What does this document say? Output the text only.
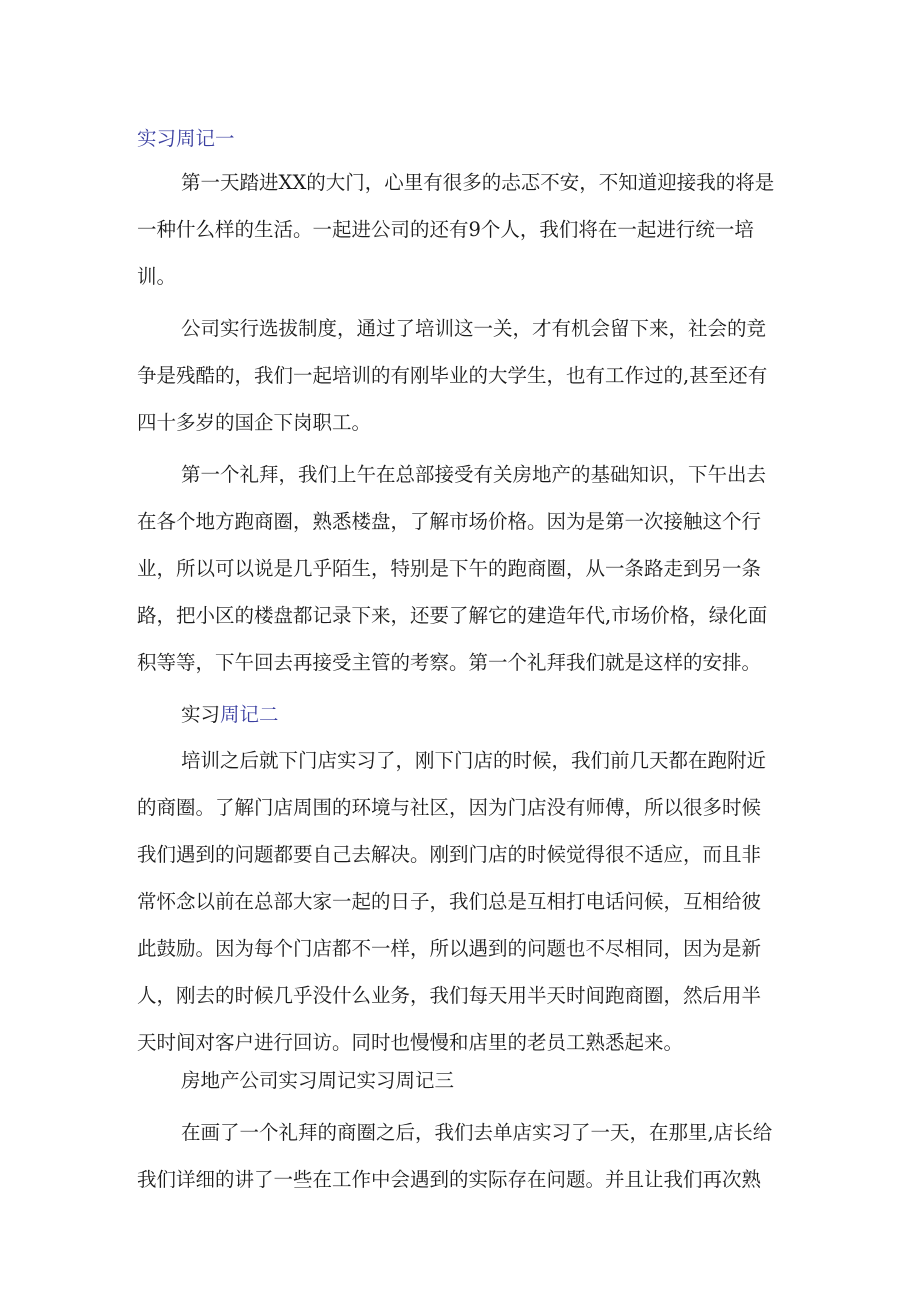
实习周记一
第一天踏进XX的大门，心里有很多的忐忑不安，不知道迎接我的将是
一种什么样的生活。一起进公司的还有9个人，我们将在一起进行统一培
训。
公司实行选拔制度，通过了培训这一关，才有机会留下来，社会的竞
争是残酷的，我们一起培训的有刚毕业的大学生，也有工作过的,甚至还有
四十多岁的国企下岗职工。
第一个礼拜，我们上午在总部接受有关房地产的基础知识，下午出去
在各个地方跑商圈，熟悉楼盘，了解市场价格。因为是第一次接触这个行
业，所以可以说是几乎陌生，特别是下午的跑商圈，从一条路走到另一条
路，把小区的楼盘都记录下来，还要了解它的建造年代,市场价格，绿化面
积等等，下午回去再接受主管的考察。第一个礼拜我们就是这样的安排。
实习周记二
培训之后就下门店实习了，刚下门店的时候，我们前几天都在跑附近
的商圈。了解门店周围的环境与社区，因为门店没有师傅，所以很多时候
我们遇到的问题都要自己去解决。刚到门店的时候觉得很不适应，而且非
常怀念以前在总部大家一起的日子，我们总是互相打电话问候，互相给彼
此鼓励。因为每个门店都不一样，所以遇到的问题也不尽相同，因为是新
人，刚去的时候几乎没什么业务，我们每天用半天时间跑商圈，然后用半
天时间对客户进行回访。同时也慢慢和店里的老员工熟悉起来。
房地产公司实习周记实习周记三
在画了一个礼拜的商圈之后，我们去单店实习了一天，在那里,店长给
我们详细的讲了一些在工作中会遇到的实际存在问题。并且让我们再次熟
